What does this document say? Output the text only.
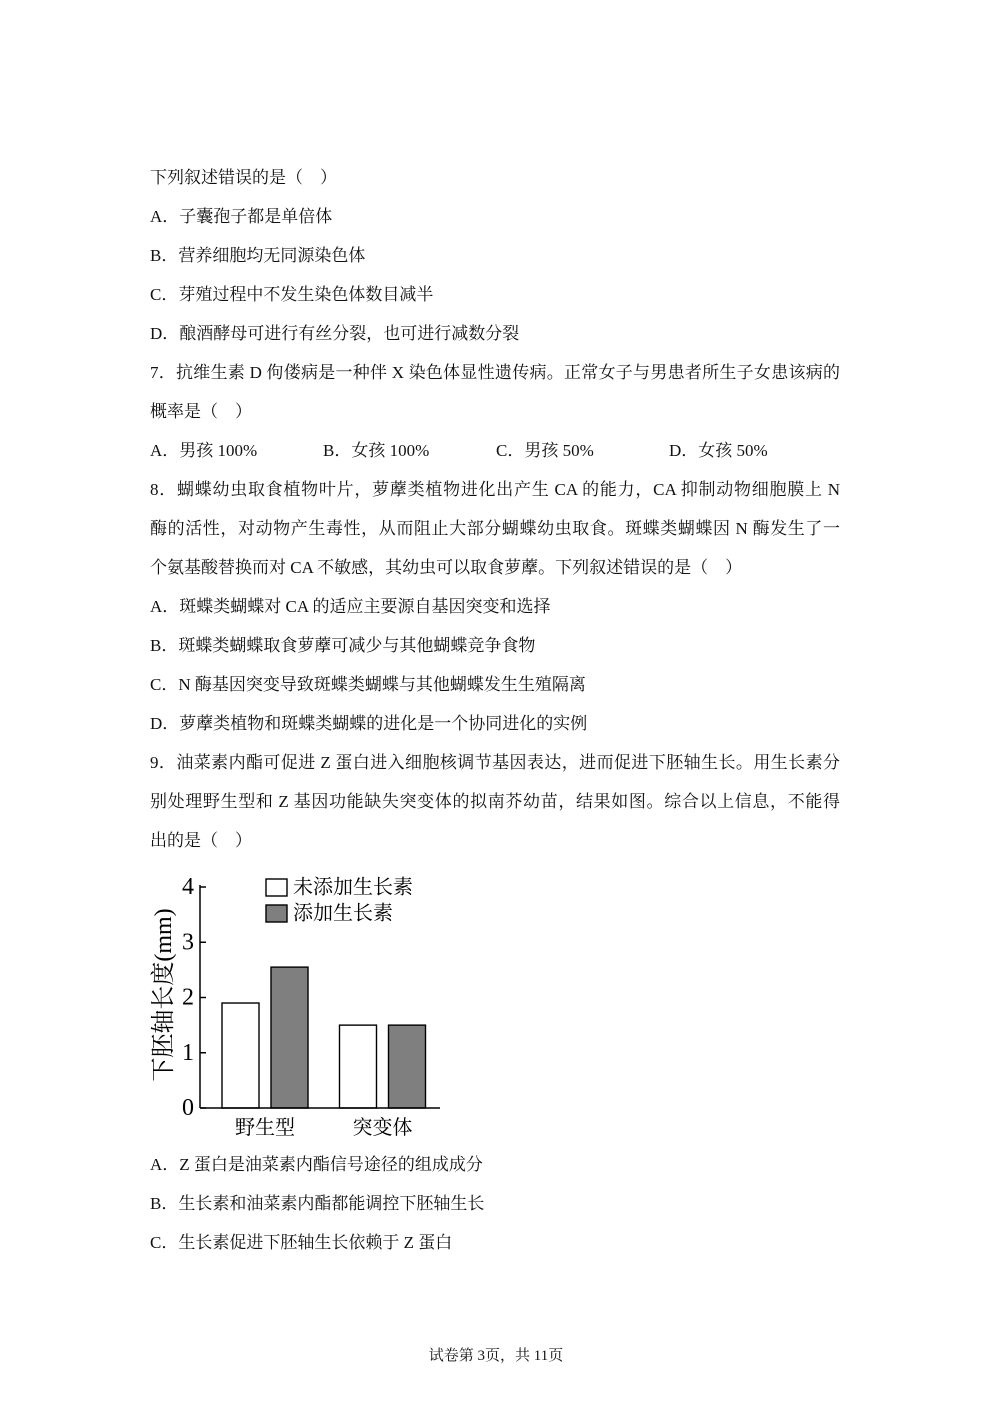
下列叙述错误的是（　）
A．子囊孢子都是单倍体
B．营养细胞均无同源染色体
C．芽殖过程中不发生染色体数目减半
D．酿酒酵母可进行有丝分裂，也可进行减数分裂
7．抗维生素 D 佝偻病是一种伴 X 染色体显性遗传病。正常女子与男患者所生子女患该病的
概率是（　）
A．男孩 100%	B．女孩 100%	C．男孩 50%	D．女孩 50%
8．蝴蝶幼虫取食植物叶片，萝藦类植物进化出产生 CA 的能力，CA 抑制动物细胞膜上 N
酶的活性，对动物产生毒性，从而阻止大部分蝴蝶幼虫取食。斑蝶类蝴蝶因 N 酶发生了一
个氨基酸替换而对 CA 不敏感，其幼虫可以取食萝藦。下列叙述错误的是（　）
A．斑蝶类蝴蝶对 CA 的适应主要源自基因突变和选择
B．斑蝶类蝴蝶取食萝藦可减少与其他蝴蝶竞争食物
C．N 酶基因突变导致斑蝶类蝴蝶与其他蝴蝶发生生殖隔离
D．萝藦类植物和斑蝶类蝴蝶的进化是一个协同进化的实例
9．油菜素内酯可促进 Z 蛋白进入细胞核调节基因表达，进而促进下胚轴生长。用生长素分
别处理野生型和 Z 基因功能缺失突变体的拟南芥幼苗，结果如图。综合以上信息，不能得
出的是（　）
野生型	突变体
0
1
2
3
4
下胚轴长度(mm)
未添加生长素
添加生长素
A．Z 蛋白是油菜素内酯信号途径的组成成分
B．生长素和油菜素内酯都能调控下胚轴生长
C．生长素促进下胚轴生长依赖于 Z 蛋白
试卷第 3页，共 11页
